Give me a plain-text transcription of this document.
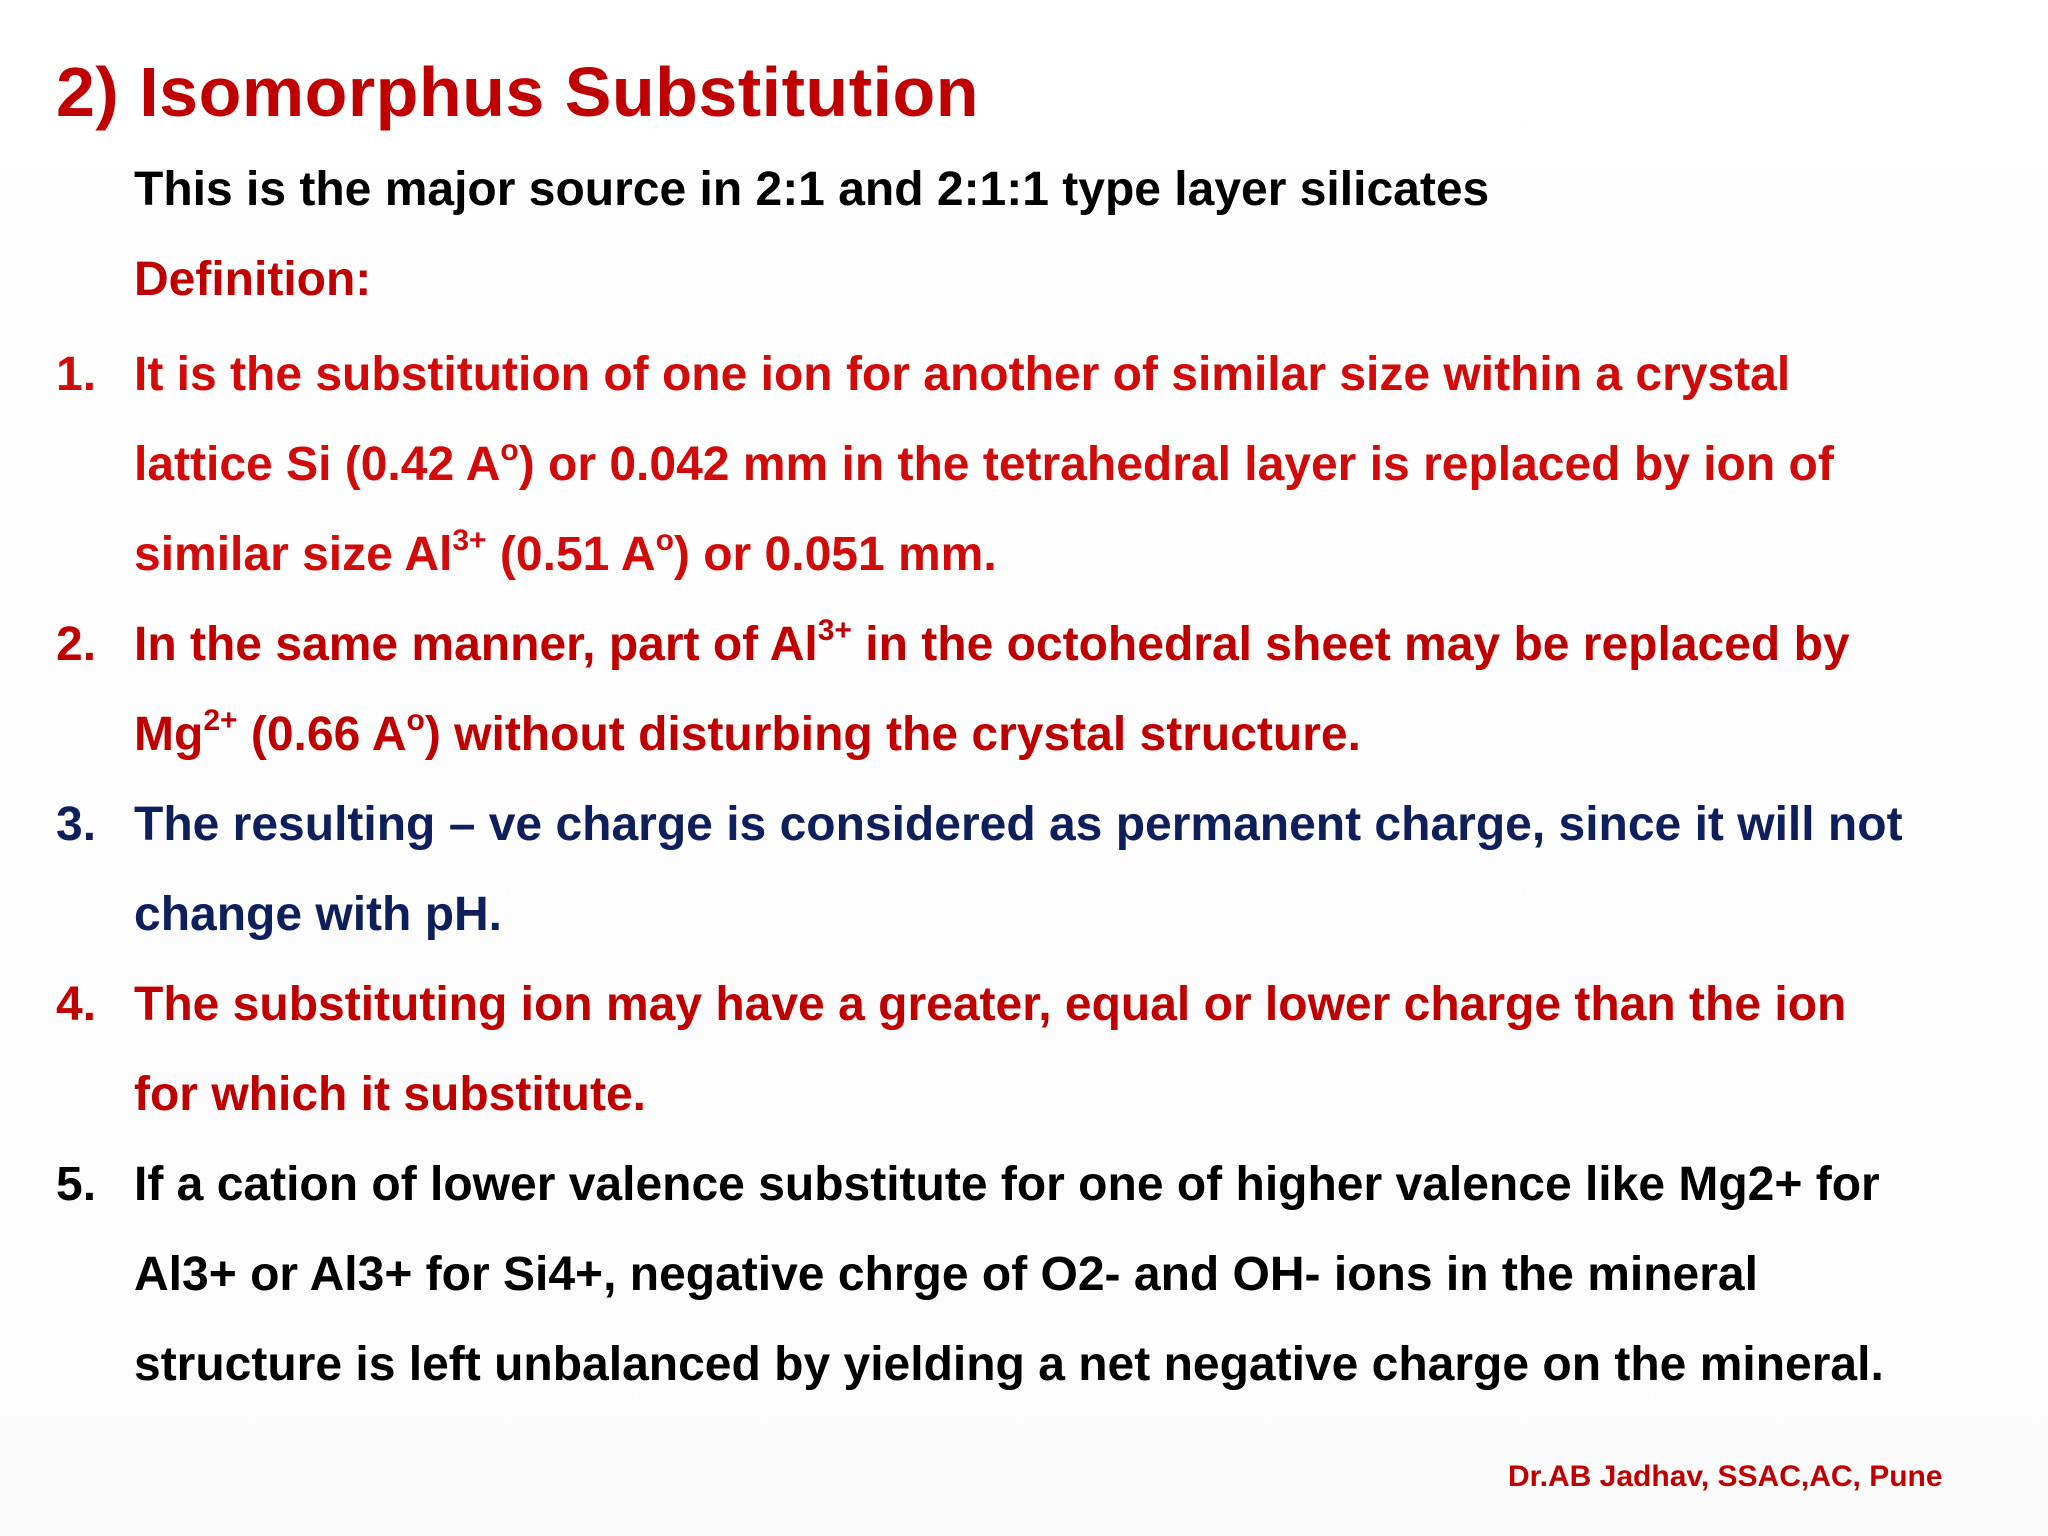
2) Isomorphus Substitution
This is the major source in 2:1 and 2:1:1 type layer silicates
Definition:
1. It is the substitution of one ion for another of similar size within a crystal
lattice Si (0.42 $A^o$) or 0.042 mm in the tetrahedral layer is replaced by ion of
similar size $Al^{3+}$ (0.51 $A^o$) or 0.051 mm.
2. In the same manner, part of $Al^{3+}$ in the octohedral sheet may be replaced by
$Mg^{2+}$ (0.66 $A^o$) without disturbing the crystal structure.
3. The resulting – ve charge is considered as permanent charge, since it will not
change with pH.
4. The substituting ion may have a greater, equal or lower charge than the ion
for which it substitute.
5. If a cation of lower valence substitute for one of higher valence like Mg2+ for
Al3+ or Al3+ for Si4+, negative chrge of O2- and OH- ions in the mineral
structure is left unbalanced by yielding a net negative charge on the mineral.
Dr.AB Jadhav, SSAC,AC, Pune
